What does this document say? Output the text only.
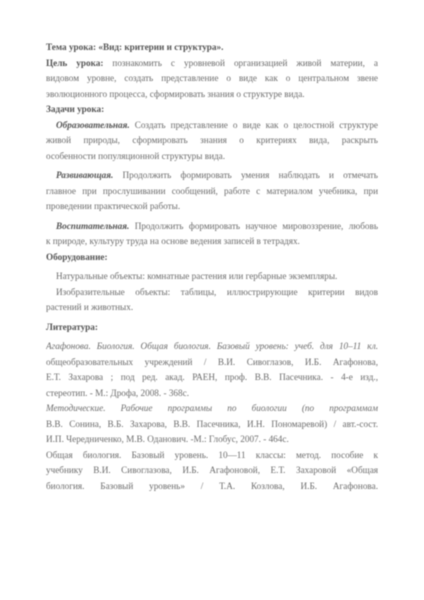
Тема урока: «Вид: критерии и структура».
Цель урока: познакомить с уровневой организацией живой материи, а
видовом уровне, создать представление о виде как о центральном звене
эволюционного процесса, сформировать знания о структуре вида.
Задачи урока:
Образовательная. Создать представление о виде как о целостной структуре
живой природы, сформировать знания о критериях вида, раскрыть
особенности популяционной структуры вида.
Развивающая. Продолжить формировать умения наблюдать и отмечать
главное при прослушивании сообщений, работе с материалом учебника, при
проведении практической работы.
Воспитательная. Продолжить формировать научное мировоззрение, любовь
к природе, культуру труда на основе ведения записей в тетрадях.
Оборудование:
Натуральные объекты: комнатные растения или гербарные экземпляры.
Изобразительные объекты: таблицы, иллюстрирующие критерии видов
растений и животных.
Литература:
Агафонова. Биология. Общая биология. Базовый уровень: учеб. для 10–11 кл.
общеобразовательных учреждений / В.И. Сивоглазов, И.Б. Агафонова,
Е.Т. Захарова ; под ред. акад. РАЕН, проф. В.В. Пасечника. - 4-е изд.,
стереотип. - М.: Дрофа, 2008. - 368с.
Методические. Рабочие программы по биологии (по программам
В.В. Сонина, В.Б. Захарова, В.В. Пасечника, И.Н. Пономаревой) / авт.-сост.
И.П. Чередниченко, М.В. Оданович. -М.: Глобус, 2007. - 464с.
Общая биология. Базовый уровень. 10—11 классы: метод. пособие к
учебнику В.И. Сивоглазова, И.Б. Агафоновой, Е.Т. Захаровой «Общая
биология. Базовый уровень» / Т.А. Козлова, И.Б. Агафонова.
